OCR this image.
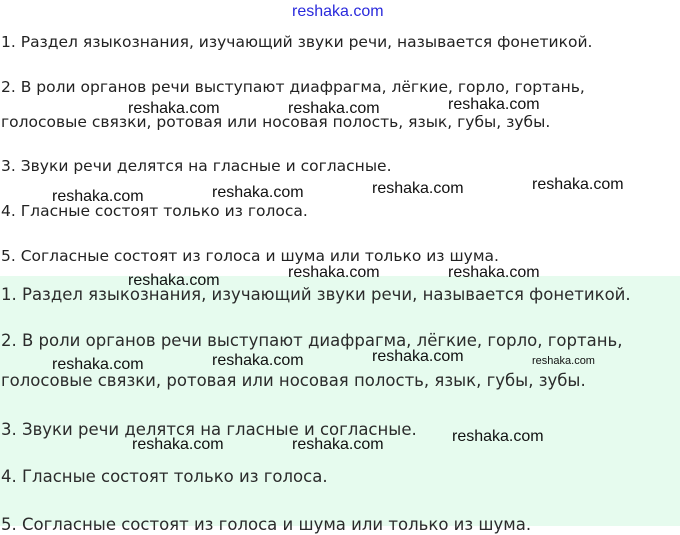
1. Раздел языкознания, изучающий звуки речи, называется фонетикой.

2. В роли органов речи выступают диафрагма, лёгкие, горло, гортань,

голосовые связки, ротовая или носовая полость, язык, губы, зубы.

3. Звуки речи делятся на гласные и согласные.

4. Гласные состоят только из голоса.

5. Согласные состоят из голоса и шума или только из шума.

1. Раздел языкознания, изучающий звуки речи, называется фонетикой.

2. В роли органов речи выступают диафрагма, лёгкие, горло, гортань,

голосовые связки, ротовая или носовая полость, язык, губы, зубы.

3. Звуки речи делятся на гласные и согласные.

4. Гласные состоят только из голоса.

5. Согласные состоят из голоса и шума или только из шума.

reshaka.com
reshaka.com	reshaka.com	reshaka.com
reshaka.com	reshaka.com	reshaka.com	reshaka.com
reshaka.com	reshaka.com	reshaka.com
reshaka.com	reshaka.com	reshaka.com	reshaka.com
reshaka.com	reshaka.com	reshaka.com
